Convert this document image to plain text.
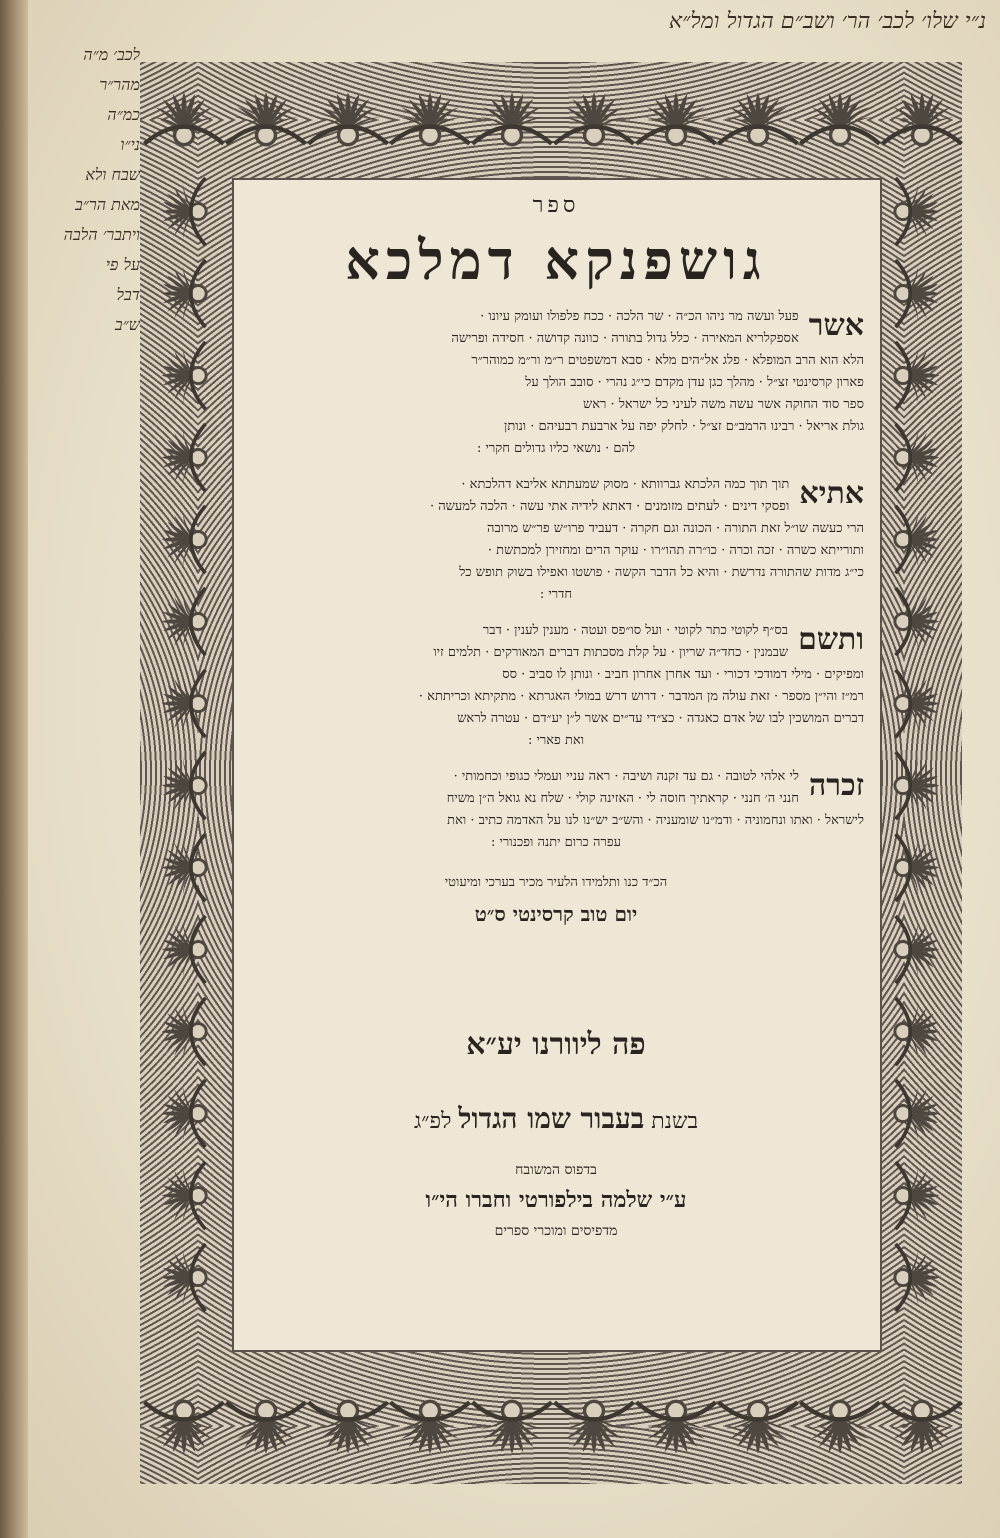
נ״י שלו׳ לכב׳ הר׳ ושב״ם הגדול ומל״א
לכב׳ מ״ה
מהר״ר
כמ״ה
ני״ו
שבח ולא
מאת הר״ב
ויתבר׳ הלבה
על פי
דבל
ש״ב
ספר
גושפנקא דמלכא
אשר
פעל ועשה מר ניהו הכ״ה · שר הלכה · ככח פלפולו ועומק עיונו ·
אספקלריא המאירה · כלל גדול בתורה · כוונה קדושה · חסידה ופרישה
הלא הוא הרב המופלא · פלג אל״הים מלא · סבא דמשפטים ר״מ ור״מ כמוהר״ר
פארון קרסינטי זצ״ל · מהלך כגן עדן מקדם כי״ג נהרי · סובב הולך על
ספר סוד החוקה אשר עשה משה לעיני כל ישראל · ראש
גולת אריאל · רבינו הרמב״ם זצ״ל · לחלק יפה על ארבעת רבעיהם · ונותן
להם · נושאי כליו גדולים חקרי :
אתיא
תוך תוך כמה הלכתא גברוותא · מסוק שמעתתא אליבא דהלכתא ·
ופסקי דינים · לעתים מזומנים · דאתא לידיה אתי עשה · הלכה למעשה ·
הרי כעשה שו״ל זאת התורה · הכונה וגם חקרה · דעביד פרו״ש פר״ש מרובה
ותורייתא כשרה · זכה וכרה · כו״רה תהו״רו · עוקר הרים ומחזירן למכתשת ·
כי״ג מדות שהתורה נדרשת · והיא כל הדבר הקשה · פושטו ואפילו בשוק תופש כל
חדרי :
ותשם
בס״ף לקוטי כתר לקוטי · ועל סו״פס ועטה · מענין לענין · דבר
שבמנין · כחד״ה שריון · על קלת מסכתות דברים המאורקים · תלמים זיו
ומפיקים · מילי דמודכי דכורי · ועד אחרן אחרון חביב · ונותן לו סביב · סס
רמ״ז והי״ן מספר · זאת עולה מן המדבר · דרוש דרש במולי האגרתא · מתקיתא וכריתתא ·
דברים המושכין לבו של אדם כאגדה · כצ״די עד״ים אשר ל״ן יע״דם · עטרה לראש
ואת פארי :
זכרה
לי אלהי לטובה · גם עד זקנה ושיבה · ראה עניי ועמלי כגופי וכחמותי ·
חנני ה׳ חנני · קראתיך חוסה לי · האזינה קולי · שלח נא גואל ה״ן משיח
לישראל · ואתו ונחמוניה · ודמ״נו שומעניה · והש״ב יש״נו לנו על האדמה כתיב · ואת
עפרה כרום יתנה ופכנורי :
הכ״ד כנו ותלמידו הלעיר מכיר בערכי ומיעוטי
יום טוב קרסינטי ס״ט
פה ליוורנו יע״א
בשנת בעבור שמו הגדול לפ״ג
בדפוס המשובח
ע״י שלמה בילפורטי וחברו הי״ו
מדפיסים ומוכרי ספרים
